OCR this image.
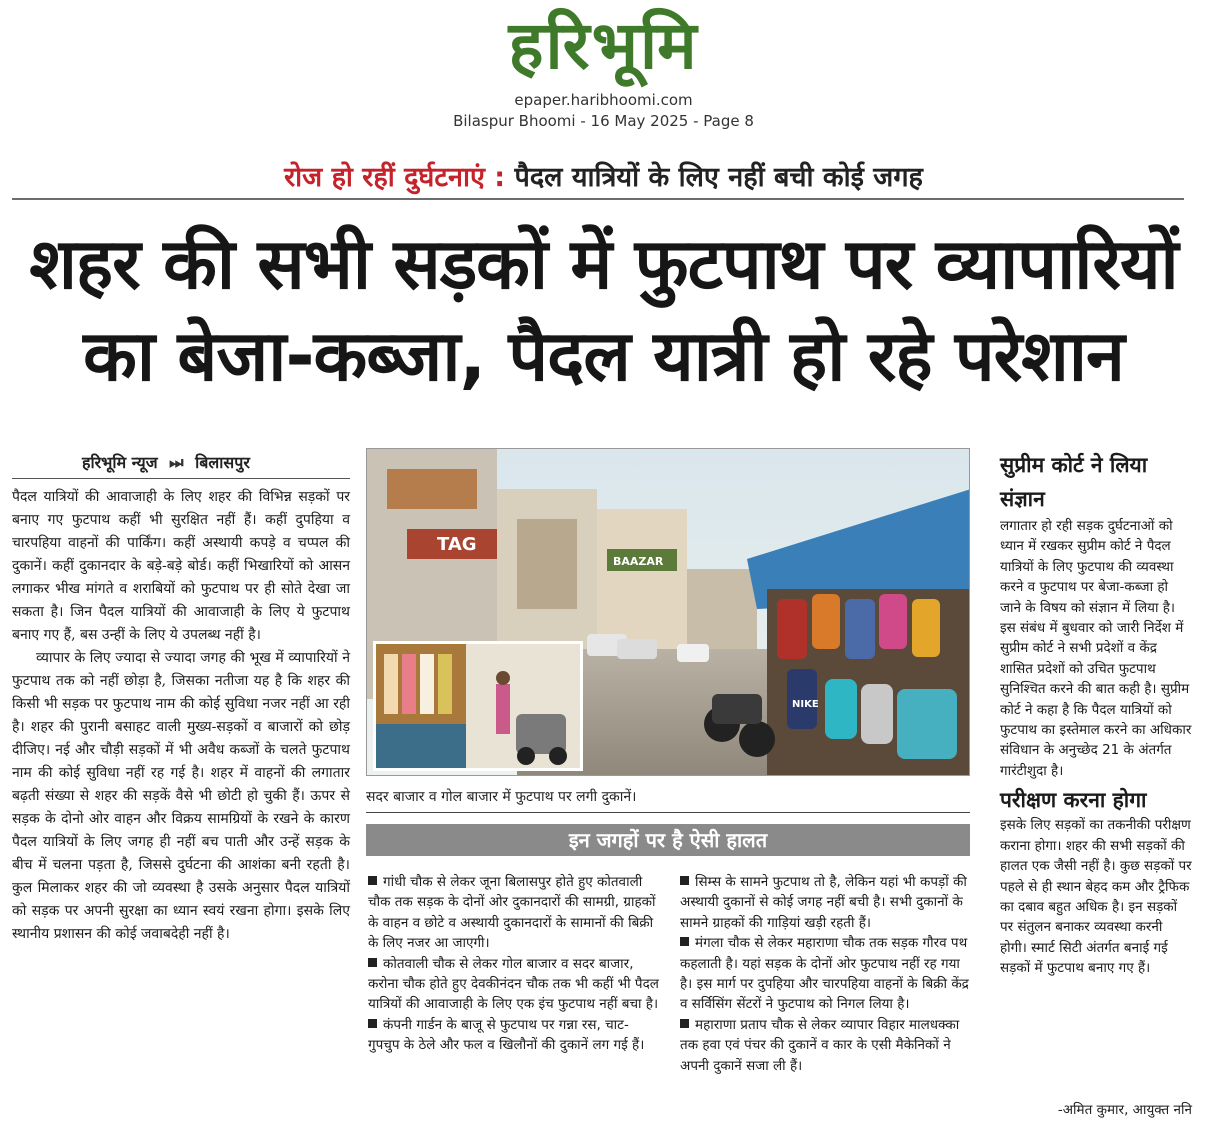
हरिभूमि
epaper.haribhoomi.com
Bilaspur Bhoomi - 16 May 2025 - Page 8
रोज हो रहीं दुर्घटनाएं : पैदल यात्रियों के लिए नहीं बची कोई जगह
शहर की सभी सड़कों में फुटपाथ पर व्यापारियों
का बेजा-कब्जा, पैदल यात्री हो रहे परेशान
हरिभूमि न्यूज ⏭ बिलासपुर

पैदल यात्रियों की आवाजाही के लिए शहर की विभिन्न सड़कों पर बनाए गए फुटपाथ कहीं भी सुरक्षित नहीं हैं। कहीं दुपहिया व चारपहिया वाहनों की पार्किंग। कहीं अस्थायी कपड़े व चप्पल की दुकानें। कहीं दुकानदार के बड़े-बड़े बोर्ड। कहीं भिखारियों को आसन लगाकर भीख मांगते व शराबियों को फुटपाथ पर ही सोते देखा जा सकता है। जिन पैदल यात्रियों की आवाजाही के लिए ये फुटपाथ बनाए गए हैं, बस उन्हीं के लिए ये उपलब्ध नहीं है।

व्यापार के लिए ज्यादा से ज्यादा जगह की भूख में व्यापारियों ने फुटपाथ तक को नहीं छोड़ा है, जिसका नतीजा यह है कि शहर की किसी भी सड़क पर फुटपाथ नाम की कोई सुविधा नजर नहीं आ रही है। शहर की पुरानी बसाहट वाली मुख्य-सड़कों व बाजारों को छोड़ दीजिए। नई और चौड़ी सड़कों में भी अवैध कब्जों के चलते फुटपाथ नाम की कोई सुविधा नहीं रह गई है। शहर में वाहनों की लगातार बढ़ती संख्या से शहर की सड़कें वैसे भी छोटी हो चुकी हैं। ऊपर से सड़क के दोनो ओर वाहन और विक्रय सामग्रियों के रखने के कारण पैदल यात्रियों के लिए जगह ही नहीं बच पाती और उन्हें सड़क के बीच में चलना पड़ता है, जिससे दुर्घटना की आशंका बनी रहती है। कुल मिलाकर शहर की जो व्यवस्था है उसके अनुसार पैदल यात्रियों को सड़क पर अपनी सुरक्षा का ध्यान स्वयं रखना होगा। इसके लिए स्थानीय प्रशासन की कोई जवाबदेही नहीं है।

TAG
BAAZAR
NIKE
सदर बाजार व गोल बाजार में फुटपाथ पर लगी दुकानें।
इन जगहों पर है ऐसी हालत
गांधी चौक से लेकर जूना बिलासपुर होते हुए कोतवाली चौक तक सड़क के दोनों ओर दुकानदारों की सामग्री, ग्राहकों के वाहन व छोटे व अस्थायी दुकानदारों के सामानों की बिक्री के लिए नजर आ जाएगी।
कोतवाली चौक से लेकर गोल बाजार व सदर बाजार, करोना चौक होते हुए देवकीनंदन चौक तक भी कहीं भी पैदल यात्रियों की आवाजाही के लिए एक इंच फुटपाथ नहीं बचा है।
कंपनी गार्डन के बाजू से फुटपाथ पर गन्ना रस, चाट-गुपचुप के ठेले और फल व खिलौनों की दुकानें लग गई हैं।
सिम्स के सामने फुटपाथ तो है, लेकिन यहां भी कपड़ों की अस्थायी दुकानों से कोई जगह नहीं बची है। सभी दुकानों के सामने ग्राहकों की गाड़ियां खड़ी रहती हैं।
मंगला चौक से लेकर महाराणा चौक तक सड़क गौरव पथ कहलाती है। यहां सड़क के दोनों ओर फुटपाथ नहीं रह गया है। इस मार्ग पर दुपहिया और चारपहिया वाहनों के बिक्री केंद्र व सर्विसिंग सेंटरों ने फुटपाथ को निगल लिया है।
महाराणा प्रताप चौक से लेकर व्यापार विहार मालधक्का तक हवा एवं पंचर की दुकानें व कार के एसी मैकेनिकों ने अपनी दुकानें सजा ली हैं।
सुप्रीम कोर्ट ने लिया संज्ञान
लगातार हो रही सड़क दुर्घटनाओं को ध्यान में रखकर सुप्रीम कोर्ट ने पैदल यात्रियों के लिए फुटपाथ की व्यवस्था करने व फुटपाथ पर बेजा-कब्जा हो जाने के विषय को संज्ञान में लिया है। इस संबंध में बुधवार को जारी निर्देश में सुप्रीम कोर्ट ने सभी प्रदेशों व केंद्र शासित प्रदेशों को उचित फुटपाथ सुनिश्चित करने की बात कही है। सुप्रीम कोर्ट ने कहा है कि पैदल यात्रियों को फुटपाथ का इस्तेमाल करने का अधिकार संविधान के अनुच्छेद 21 के अंतर्गत गारंटीशुदा है।
परीक्षण करना होगा
इसके लिए सड़कों का तकनीकी परीक्षण कराना होगा। शहर की सभी सड़कों की हालत एक जैसी नहीं है। कुछ सड़कों पर पहले से ही स्थान बेहद कम और ट्रैफिक का दबाव बहुत अधिक है। इन सड़कों पर संतुलन बनाकर व्यवस्था करनी होगी। स्मार्ट सिटी अंतर्गत बनाई गई सड़कों में फुटपाथ बनाए गए हैं।
-अमित कुमार, आयुक्त ननि
